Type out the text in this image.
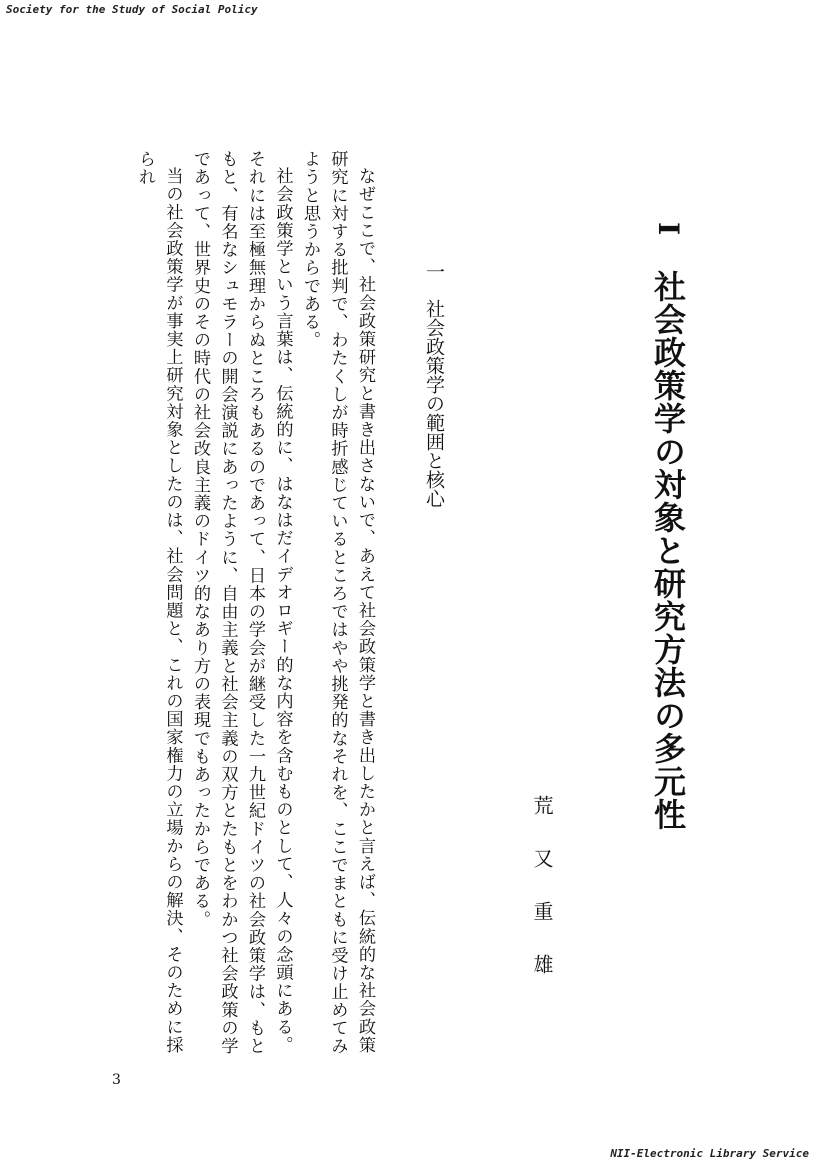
Society for the Study of Social Policy
I
社会政策学の対象と研究方法の多元性
荒又重雄
一社会政策学の範囲と核心
なぜここで、社会政策研究と書き出さないで、あえて社会政策学と書き出したかと言えば、伝統的な社会政策研究に対する批判で、わたくしが時折感じているところではやや挑発的なそれを、ここでまともに受け止めてみようと思うからである。
社会政策学という言葉は、伝統的に、はなはだイデオロギー的な内容を含むものとして、人々の念頭にある。それには至極無理からぬところもあるのであって、日本の学会が継受した一九世紀ドイツの社会政策学は、もともと、有名なシュモラーの開会演説にあったように、自由主義と社会主義の双方とたもとをわかつ社会政策の学であって、世界史のその時代の社会改良主義のドイツ的なあり方の表現でもあったからである。
当の社会政策学が事実上研究対象としたのは、社会問題と、これの国家権力の立場からの解決、そのために採られ
3
NII-Electronic Library Service
